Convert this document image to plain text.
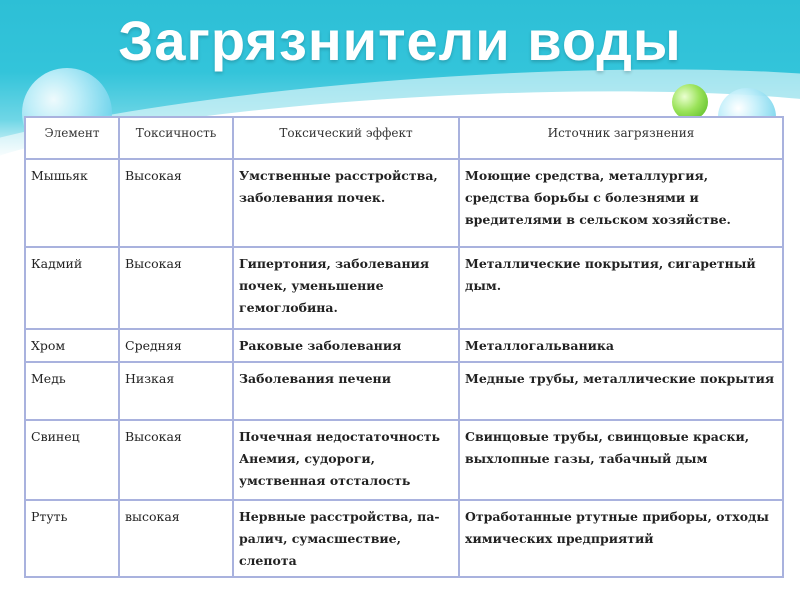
Загрязнители воды
Элемент	Токсичность	Токсический эффект	Источник загрязнения
Мышьяк	Высокая	Умственные расстройства, заболевания почек.	Моющие средства, металлургия, средства борьбы с болезнями и вредителями в сельском хозяйстве.
Кадмий	Высокая	Гипертония, заболевания почек, уменьшение гемоглобина.	Металлические покрытия, сигаретный дым.
Хром	Средняя	Раковые заболевания	Металлогальваника
Медь	Низкая	Заболевания печени	Медные трубы, металлические покрытия
Свинец	Высокая	Почечная недостаточность Анемия, судороги, умственная отсталость	Свинцовые трубы, свинцовые краски, выхлопные газы, табачный дым
Ртуть	высокая	Нервные расстройства, па-ралич, сумасшествие, слепота	Отработанные ртутные приборы, отходы химических предприятий
